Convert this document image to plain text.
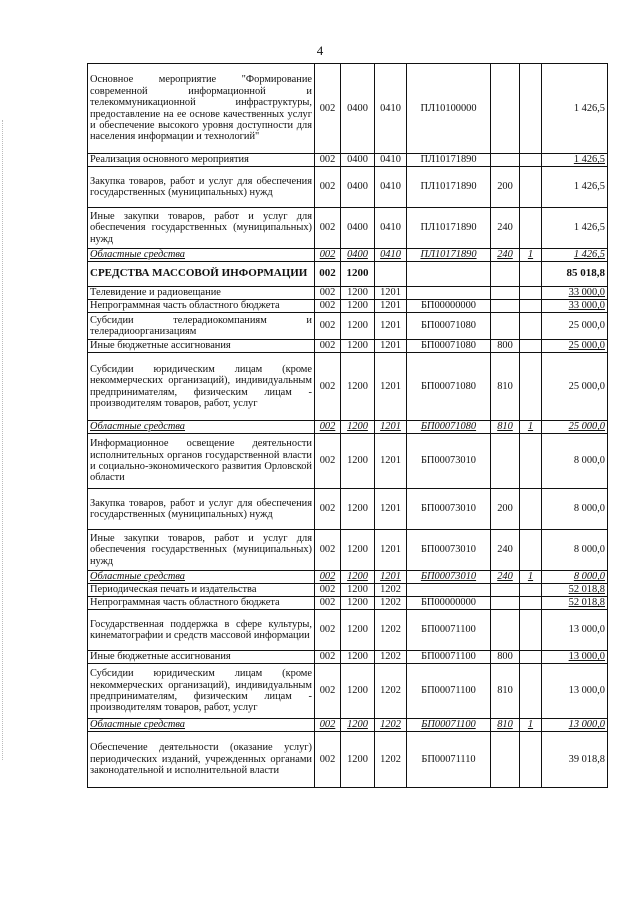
4
Основное мероприятие "Формирование современной информационной и телекоммуникационной инфраструктуры, предоставление на ее основе качественных услуг и обеспечение высокого уровня доступности для населения информации и технологий"	002	0400	0410	ПЛ10100000			1 426,5
Реализация основного мероприятия	002	0400	0410	ПЛ10171890			1 426,5
Закупка товаров, работ и услуг для обеспечения государственных (муниципальных) нужд	002	0400	0410	ПЛ10171890	200		1 426,5
Иные закупки товаров, работ и услуг для обеспечения государственных (муниципальных) нужд	002	0400	0410	ПЛ10171890	240		1 426,5
Областные средства	002	0400	0410	ПЛ10171890	240	1	1 426,5
СРЕДСТВА МАССОВОЙ ИНФОРМАЦИИ	002	1200					85 018,8
Телевидение и радиовещание	002	1200	1201				33 000,0
Непрограммная часть областного бюджета	002	1200	1201	БП00000000			33 000,0
Субсидии телерадиокомпаниям и телерадиоорганизациям	002	1200	1201	БП00071080			25 000,0
Иные бюджетные ассигнования	002	1200	1201	БП00071080	800		25 000,0
Субсидии юридическим лицам (кроме некоммерческих организаций), индивидуальным предпринимателям, физическим лицам - производителям товаров, работ, услуг	002	1200	1201	БП00071080	810		25 000,0
Областные средства	002	1200	1201	БП00071080	810	1	25 000,0
Информационное освещение деятельности исполнительных органов государственной власти и социально-экономического развития Орловской области	002	1200	1201	БП00073010			8 000,0
Закупка товаров, работ и услуг для обеспечения государственных (муниципальных) нужд	002	1200	1201	БП00073010	200		8 000,0
Иные закупки товаров, работ и услуг для обеспечения государственных (муниципальных) нужд	002	1200	1201	БП00073010	240		8 000,0
Областные средства	002	1200	1201	БП00073010	240	1	8 000,0
Периодическая печать и издательства	002	1200	1202				52 018,8
Непрограммная часть областного бюджета	002	1200	1202	БП00000000			52 018,8
Государственная поддержка в сфере культуры, кинематографии и средств массовой информации	002	1200	1202	БП00071100			13 000,0
Иные бюджетные ассигнования	002	1200	1202	БП00071100	800		13 000,0
Субсидии юридическим лицам (кроме некоммерческих организаций), индивидуальным предпринимателям, физическим лицам - производителям товаров, работ, услуг	002	1200	1202	БП00071100	810		13 000,0
Областные средства	002	1200	1202	БП00071100	810	1	13 000,0
Обеспечение деятельности (оказание услуг) периодических изданий, учрежденных органами законодательной и исполнительной власти	002	1200	1202	БП00071110			39 018,8
